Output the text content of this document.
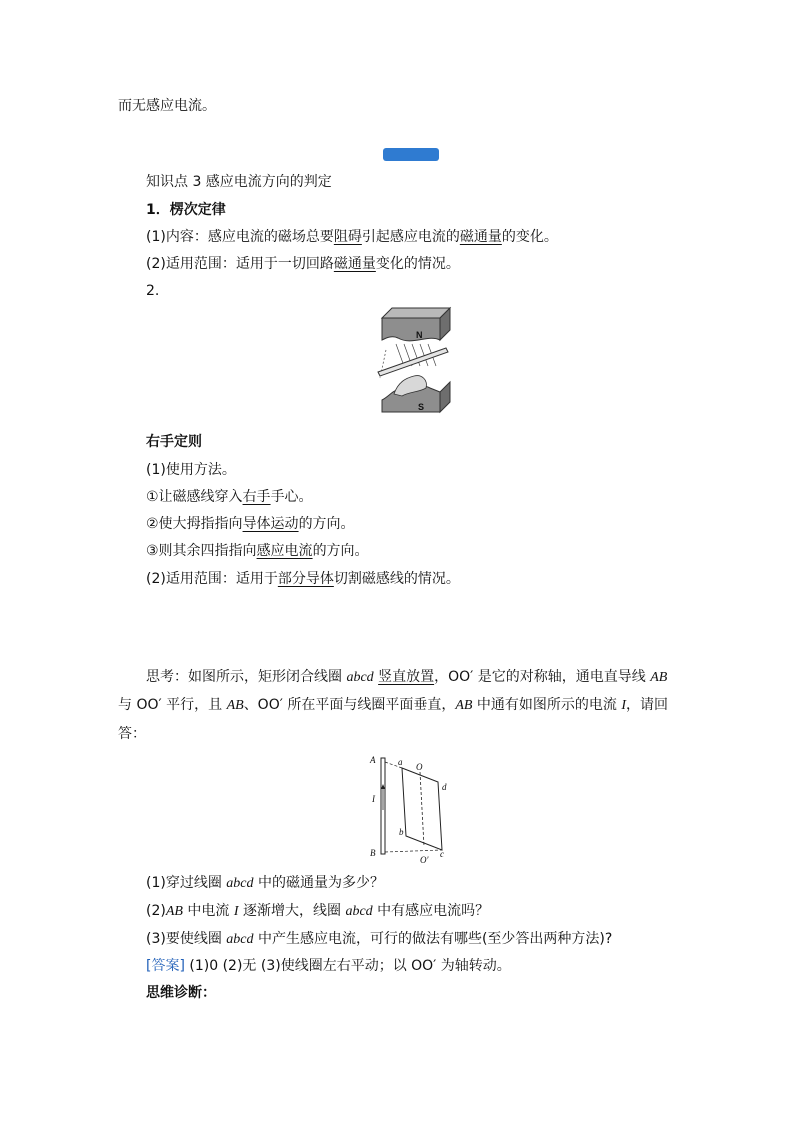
而无感应电流。
知识点 3 感应电流方向的判定
1．楞次定律
(1)内容：感应电流的磁场总要阻碍引起感应电流的磁通量的变化。
(2)适用范围：适用于一切回路磁通量变化的情况。
2.
N
S
右手定则
(1)使用方法。
①让磁感线穿入右手手心。
②使大拇指指向导体运动的方向。
③则其余四指指向感应电流的方向。
(2)适用范围：适用于部分导体切割磁感线的情况。
思考：如图所示，矩形闭合线圈 abcd 竖直放置，OO′ 是它的对称轴，通电直导线 AB
与 OO′ 平行，且 AB、OO′ 所在平面与线圈平面垂直，AB 中通有如图所示的电流 I，请回
答：
A
B
I
a
b
c
d
O
O′
(1)穿过线圈 abcd 中的磁通量为多少？
(2)AB 中电流 I 逐渐增大，线圈 abcd 中有感应电流吗？
(3)要使线圈 abcd 中产生感应电流，可行的做法有哪些(至少答出两种方法)?
[答案] (1)0 (2)无 (3)使线圈左右平动；以 OO′ 为轴转动。
思维诊断：
